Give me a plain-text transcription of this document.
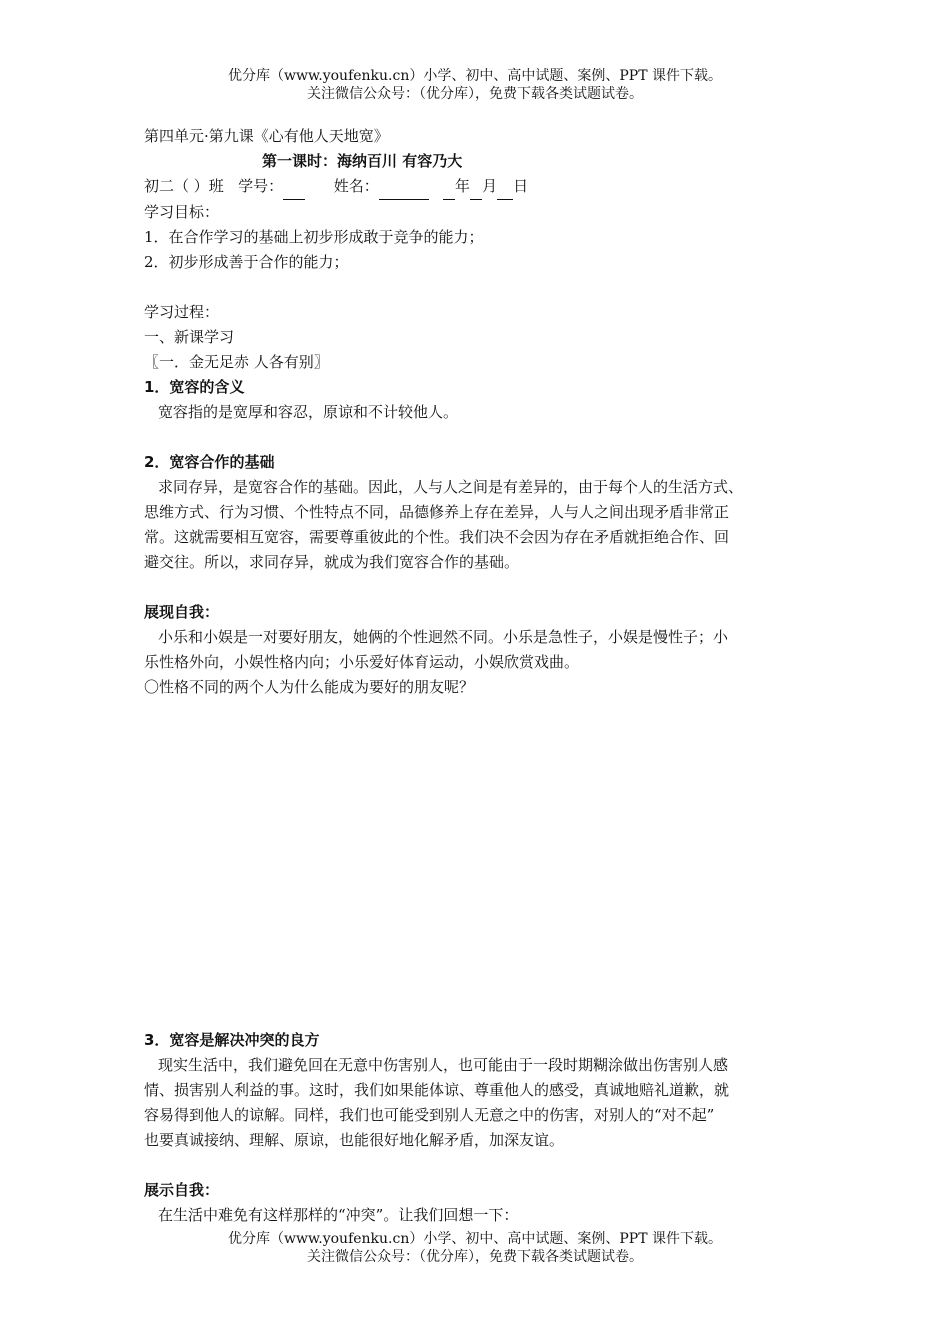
优分库（www.youfenku.cn）小学、初中、高中试题、案例、PPT 课件下载。
关注微信公众号：（优分库），免费下载各类试题试卷。
第四单元·第九课《心有他人天地宽》
第一课时：海纳百川 有容乃大
初二（ ）班 学号：	姓名：	年 月 日
学习目标：
1．在合作学习的基础上初步形成敢于竞争的能力；
2．初步形成善于合作的能力；
学习过程：
一、新课学习
〖一．金无足赤 人各有别〗
1．宽容的含义
宽容指的是宽厚和容忍，原谅和不计较他人。
2．宽容合作的基础
求同存异，是宽容合作的基础。因此，人与人之间是有差异的，由于每个人的生活方式、
思维方式、行为习惯、个性特点不同，品德修养上存在差异，人与人之间出现矛盾非常正
常。这就需要相互宽容，需要尊重彼此的个性。我们决不会因为存在矛盾就拒绝合作、回
避交往。所以，求同存异，就成为我们宽容合作的基础。
展现自我：
小乐和小娱是一对要好朋友，她俩的个性迥然不同。小乐是急性子，小娱是慢性子；小
乐性格外向，小娱性格内向；小乐爱好体育运动，小娱欣赏戏曲。
〇性格不同的两个人为什么能成为要好的朋友呢？
3．宽容是解决冲突的良方
现实生活中，我们避免回在无意中伤害别人，也可能由于一段时期糊涂做出伤害别人感
情、损害别人利益的事。这时，我们如果能体谅、尊重他人的感受，真诚地赔礼道歉，就
容易得到他人的谅解。同样，我们也可能受到别人无意之中的伤害，对别人的“对不起”
也要真诚接纳、理解、原谅，也能很好地化解矛盾，加深友谊。
展示自我：
在生活中难免有这样那样的“冲突”。让我们回想一下：
优分库（www.youfenku.cn）小学、初中、高中试题、案例、PPT 课件下载。
关注微信公众号：（优分库），免费下载各类试题试卷。
